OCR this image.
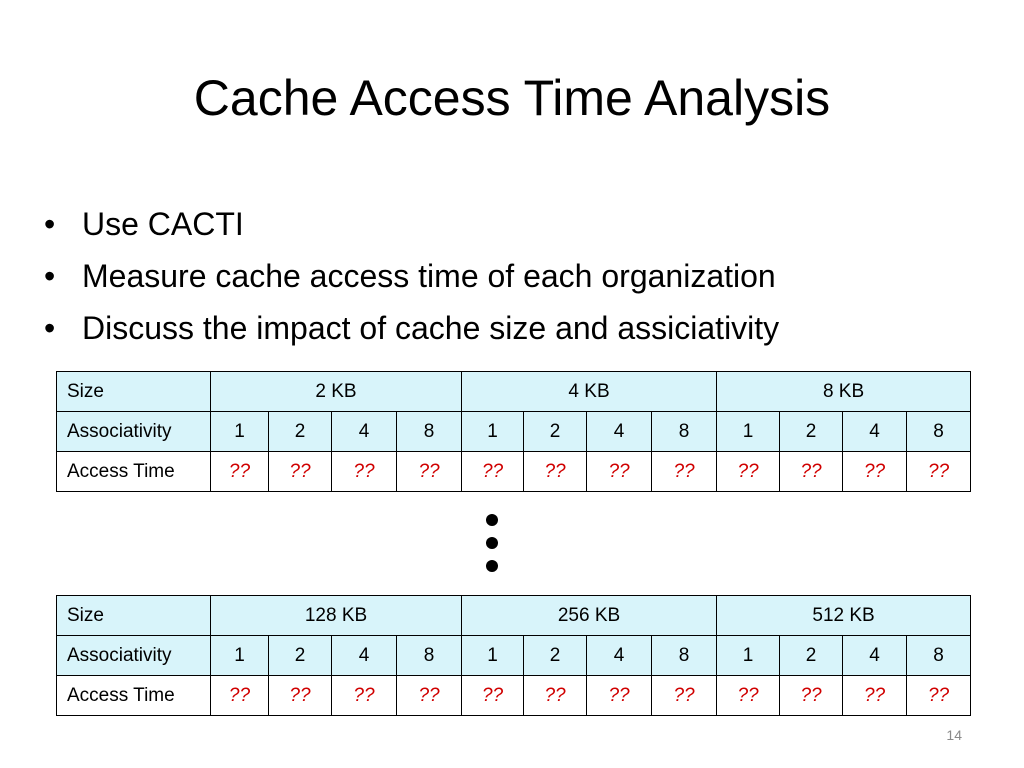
Cache Access Time Analysis
• Use CACTI
• Measure cache access time of each organization
• Discuss the impact of cache size and assiciativity
Size	2 KB				4 KB				8 KB			
Associativity	1	2	4	8	1	2	4	8	1	2	4	8
Access Time	??	??	??	??	??	??	??	??	??	??	??	??
Size	128 KB				256 KB				512 KB			
Associativity	1	2	4	8	1	2	4	8	1	2	4	8
Access Time	??	??	??	??	??	??	??	??	??	??	??	??
14
